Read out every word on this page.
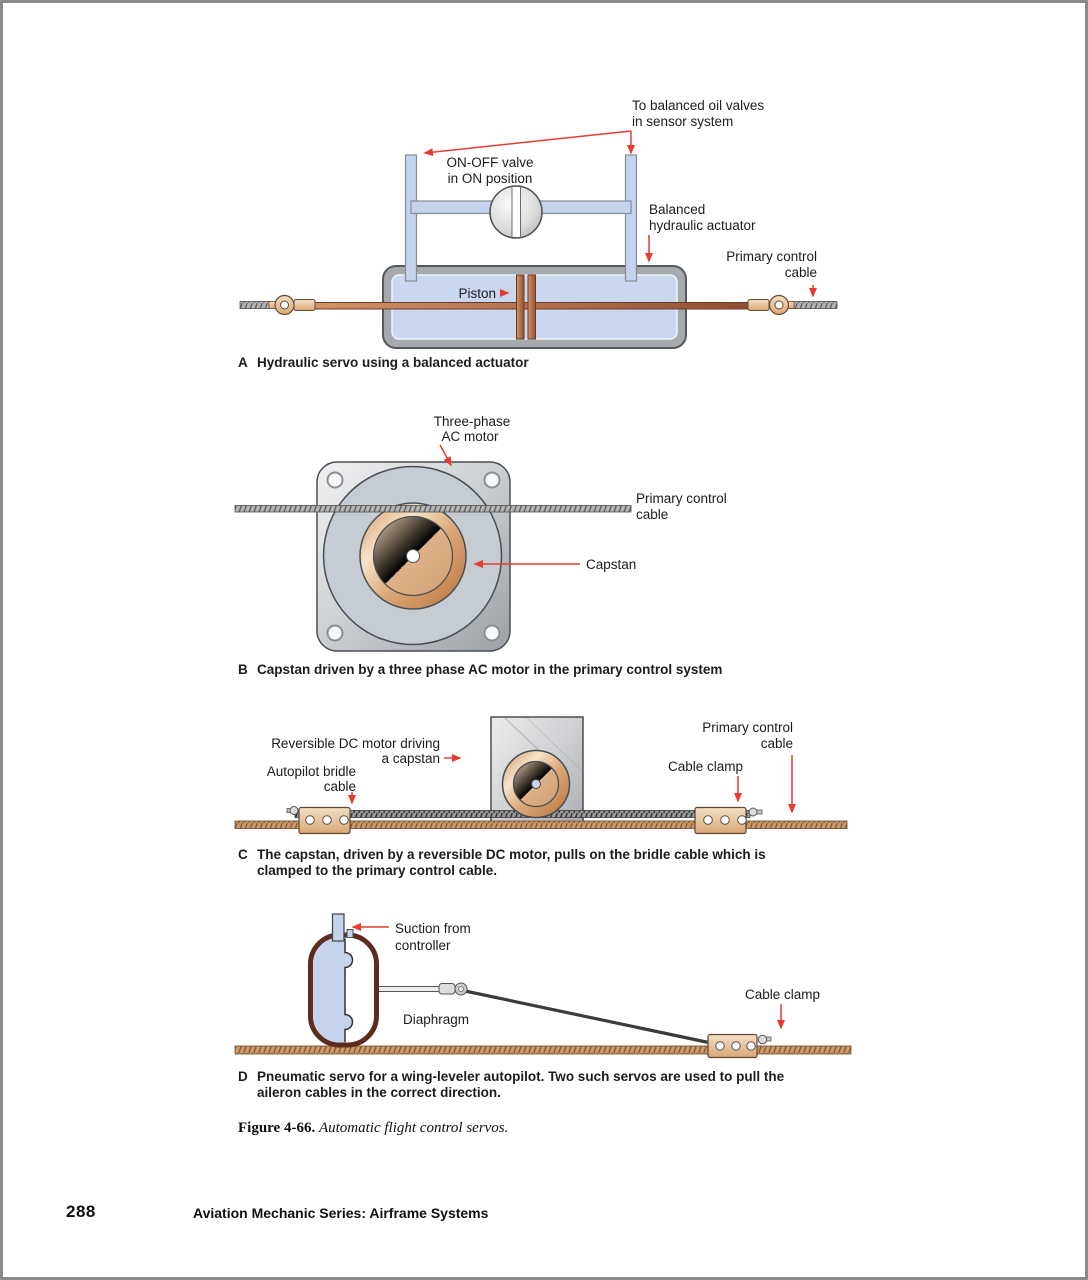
To balanced oil valves
in sensor system
ON-OFF valve
in ON position
Piston
Balanced
hydraulic actuator
Primary control
cable
Three-phase
AC motor
Primary control
cable
Capstan
Reversible DC motor driving
a capstan
Autopilot bridle
cable
Primary control
cable
Cable clamp
Suction from
controller
Diaphragm
Cable clamp
A Hydraulic servo using a balanced actuator
B Capstan driven by a three phase AC motor in the primary control system
C The capstan, driven by a reversible DC motor, pulls on the bridle cable which is
clamped to the primary control cable.
D Pneumatic servo for a wing-leveler autopilot. Two such servos are used to pull the
aileron cables in the correct direction.
Figure 4-66. Automatic flight control servos.
288	Aviation Mechanic Series: Airframe Systems
